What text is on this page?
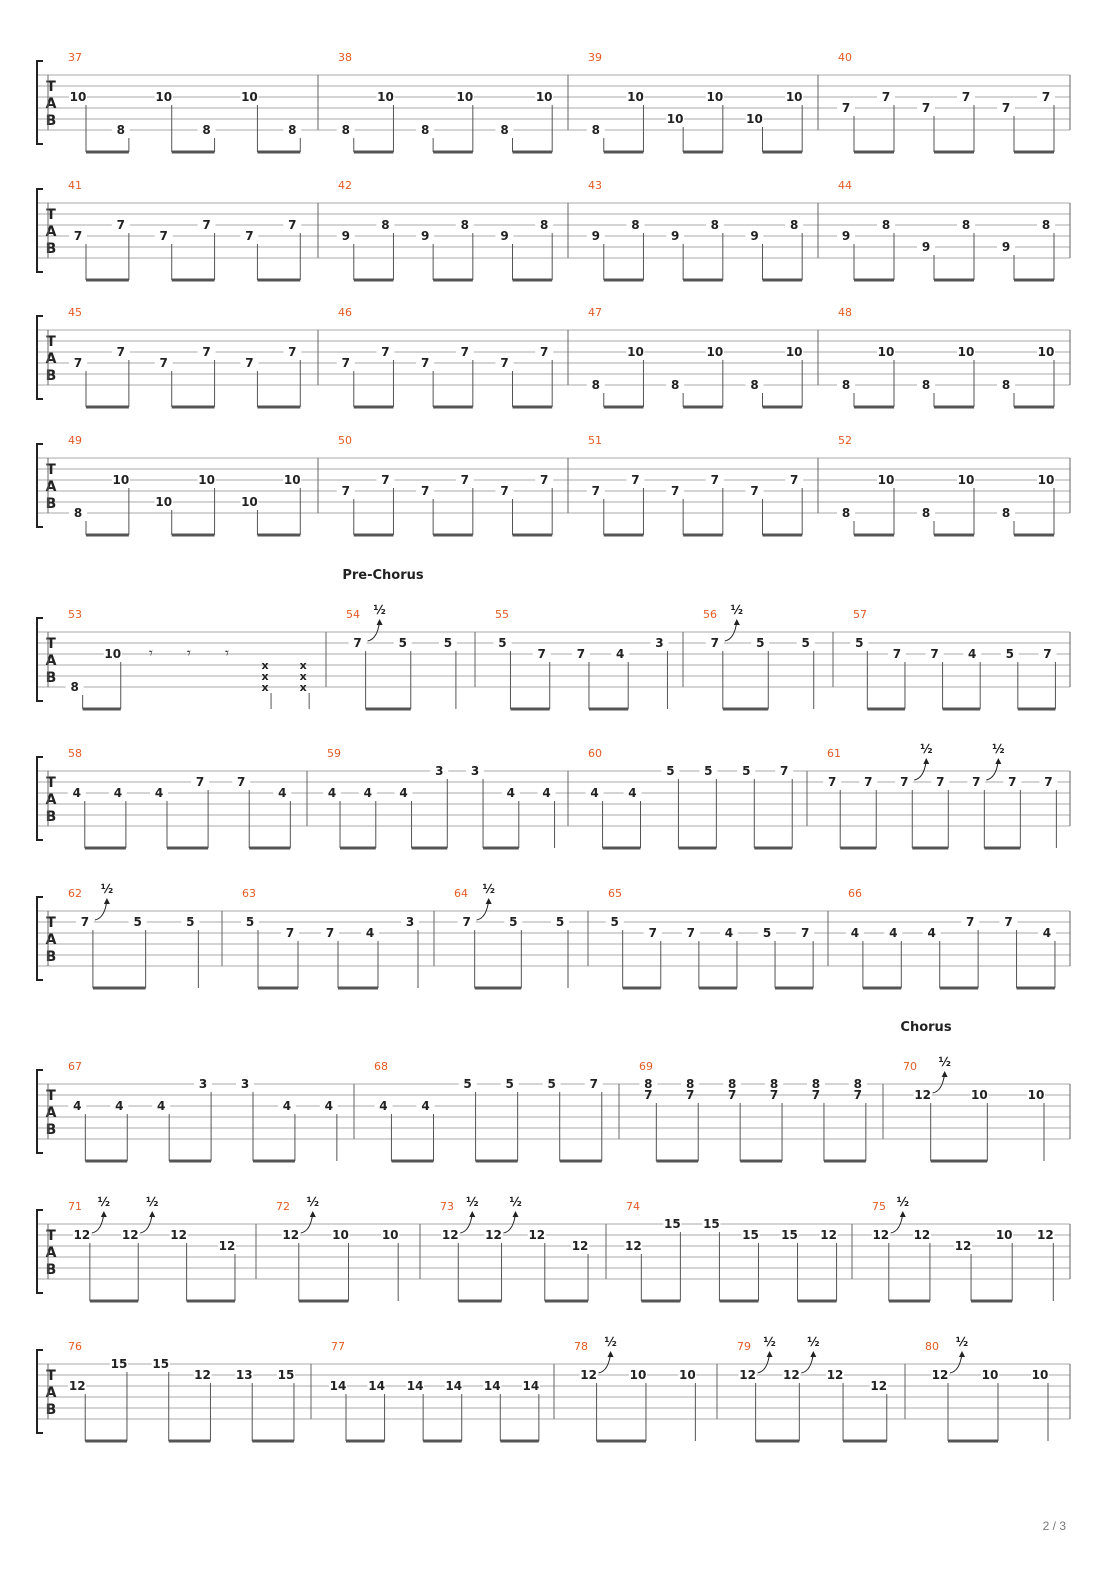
T
A
B
37
10
8
10
8
10
8
38
8
10
8
10
8
10
39
8
10
10
10
10
10
40
7
7
7
7
7
7
T
A
B
41
7
7
7
7
7
7
42
9
8
9
8
9
8
43
9
8
9
8
9
8
44
9
8
9
8
9
8
T
A
B
45
7
7
7
7
7
7
46
7
7
7
7
7
7
47
8
10
8
10
8
10
48
8
10
8
10
8
10
T
A
B
49
8
10
10
10
10
10
50
7
7
7
7
7
7
51
7
7
7
7
7
7
52
8
10
8
10
8
10
Pre-Chorus
T
A
B
53
8
10 𝄾 𝄾 𝄾
x
x
x
x
x
x
54
7
½
5	5
55
5
7	7	4
3
56
7
½
5	5
57
5
7 7 4 5 7
T
A
B
58
4	4	4
7	7
4
59
4 4 4
3 3
4 4
60
4 4
5 5 5 7
61
7 7 7
½
7 7
½
7 7
T
A
B
62
7
½
5	5
63
5
7	7	4
3
64
7
½
5	5
65
5
7 7 4 5 7
66
4	4	4
7	7
4
Chorus
T
A
B
67
4	4	4
3	3
4	4
68
4	4
5	5	5	7
69
8
7
8
7
8
7
8
7
8
7
8
7
70
12
½
10	10
T
A
B
71
12
½
12
½
12
12
72
12
½
10	10
73
12
½
12
½
12
12
74
12
15 15
15 15 12
75
12
½
12
12
10 12
T
A
B
76
12
15 15
12 13 15
77
14 14 14 14 14 14
78
12
½
10	10
79
12
½
12
½
12
12
80
12
½
10	10
2 / 3
